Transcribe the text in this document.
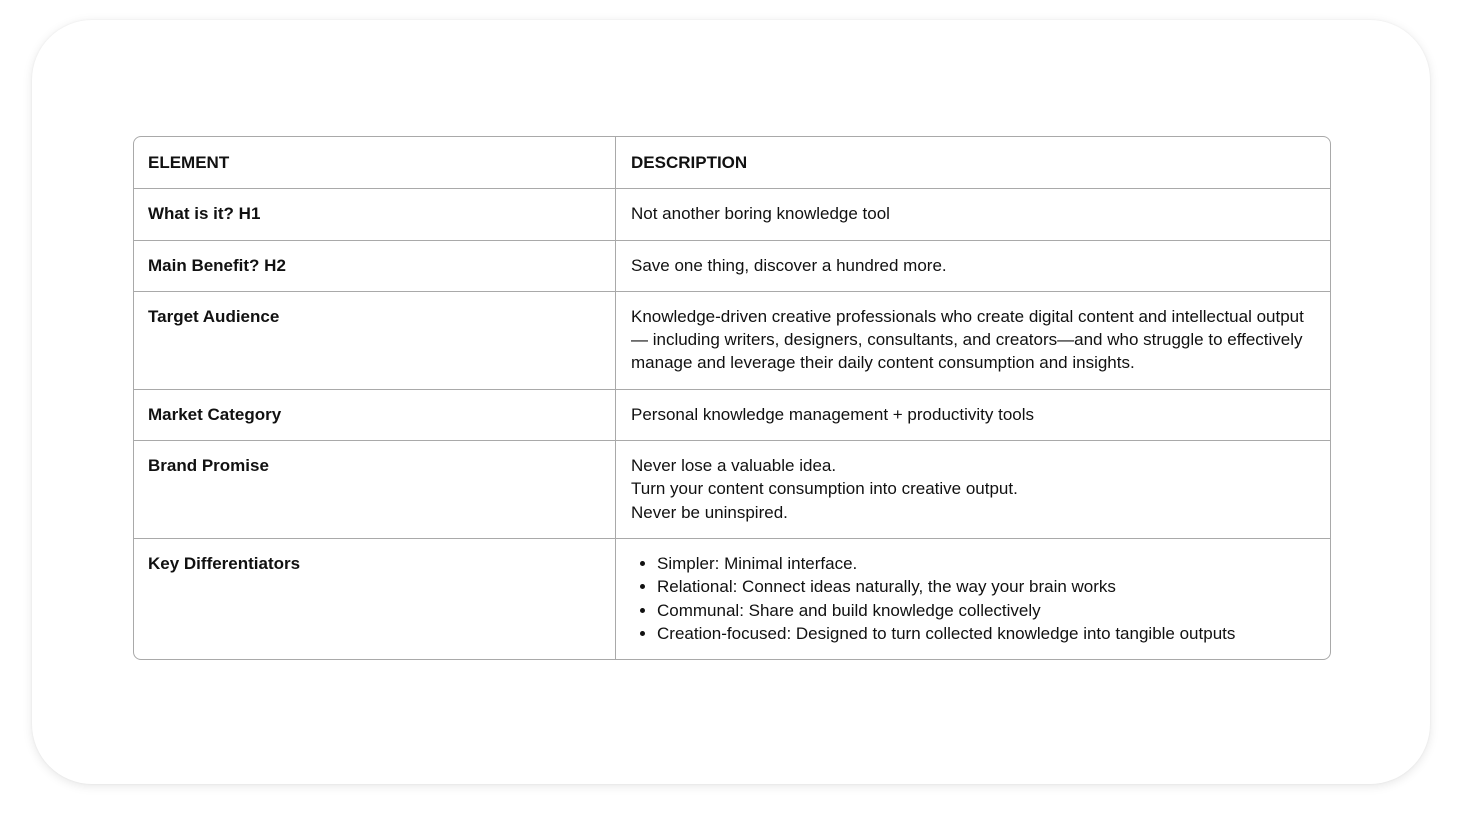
ELEMENT	DESCRIPTION
What is it? H1	Not another boring knowledge tool
Main Benefit? H2	Save one thing, discover a hundred more.
Target Audience	Knowledge-driven creative professionals who create digital content and intellectual output— including writers, designers, consultants, and creators—and who struggle to effectively manage and leverage their daily content consumption and insights.
Market Category	Personal knowledge management + productivity tools
Brand Promise	Never lose a valuable idea.
Turn your content consumption into creative output.
Never be uninspired.
Key Differentiators
•	Simpler: Minimal interface.
• Relational: Connect ideas naturally, the way your brain works
• Communal: Share and build knowledge collectively
• Creation-focused: Designed to turn collected knowledge into tangible outputs
